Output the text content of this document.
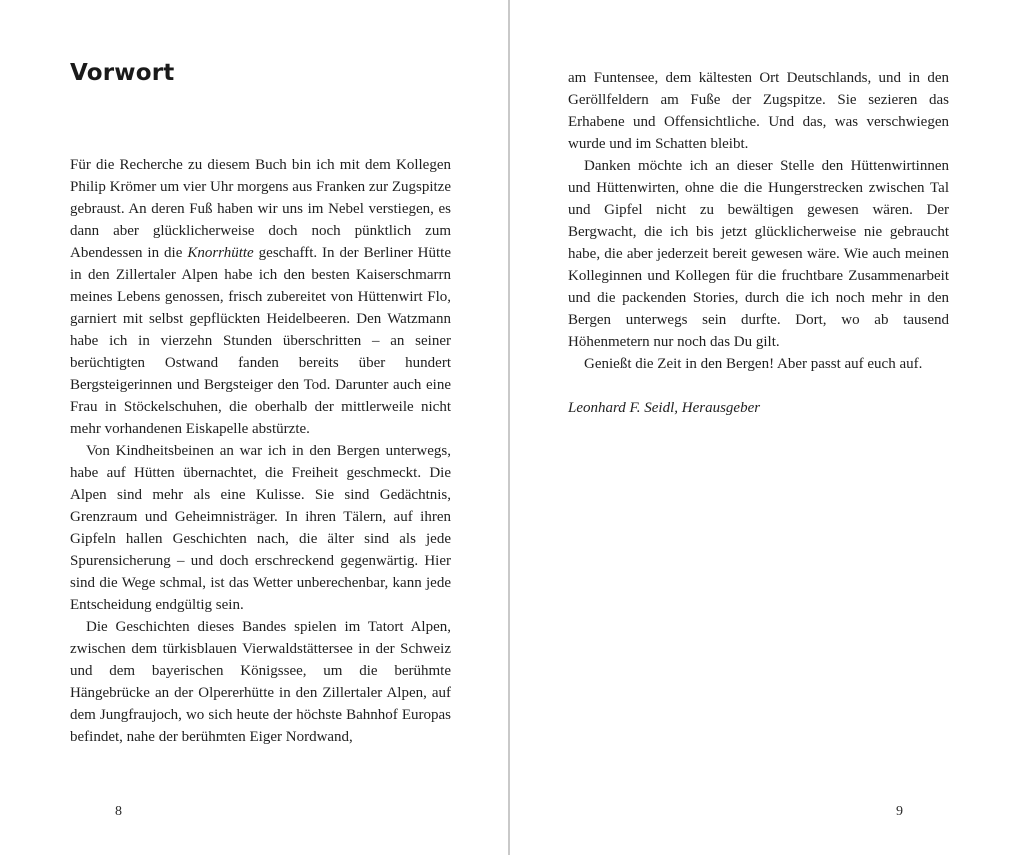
Vorwort

Für die Recherche zu diesem Buch bin ich mit dem Kollegen Philip Krömer um vier Uhr morgens aus Franken zur Zugspitze gebraust. An deren Fuß haben wir uns im Nebel verstiegen, es dann aber glücklicherweise doch noch pünktlich zum Abendessen in die Knorrhütte geschafft. In der Berliner Hütte in den Zillertaler Alpen habe ich den besten Kaiserschmarrn meines Lebens genossen, frisch zubereitet von Hüttenwirt Flo, garniert mit selbst gepflückten Heidelbeeren. Den Watzmann habe ich in vierzehn Stunden überschritten – an seiner berüchtigten Ostwand fanden bereits über hundert Bergsteigerinnen und Bergsteiger den Tod. Darunter auch eine Frau in Stöckelschuhen, die oberhalb der mittlerweile nicht mehr vorhandenen Eiskapelle abstürzte.

Von Kindheitsbeinen an war ich in den Bergen unterwegs, habe auf Hütten übernachtet, die Freiheit geschmeckt. Die Alpen sind mehr als eine Kulisse. Sie sind Gedächtnis, Grenzraum und Geheimnisträger. In ihren Tälern, auf ihren Gipfeln hallen Geschichten nach, die älter sind als jede Spurensicherung – und doch erschreckend gegenwärtig. Hier sind die Wege schmal, ist das Wetter unberechenbar, kann jede Entscheidung endgültig sein.

Die Geschichten dieses Bandes spielen im Tatort Alpen, zwischen dem türkisblauen Vierwaldstättersee in der Schweiz und dem bayerischen Königssee, um die berühmte Hängebrücke an der Olpererhütte in den Zillertaler Alpen, auf dem Jungfraujoch, wo sich heute der höchste Bahnhof Europas befindet, nahe der berühmten Eiger Nordwand,

8

am Funtensee, dem kältesten Ort Deutschlands, und in den Geröllfeldern am Fuße der Zugspitze. Sie sezieren das Erhabene und Offensichtliche. Und das, was verschwiegen wurde und im Schatten bleibt.

Danken möchte ich an dieser Stelle den Hüttenwirtinnen und Hüttenwirten, ohne die die Hungerstrecken zwischen Tal und Gipfel nicht zu bewältigen gewesen wären. Der Bergwacht, die ich bis jetzt glücklicherweise nie gebraucht habe, die aber jederzeit bereit gewesen wäre. Wie auch meinen Kolleginnen und Kollegen für die fruchtbare Zusammenarbeit und die packenden Stories, durch die ich noch mehr in den Bergen unterwegs sein durfte. Dort, wo ab tausend Höhenmetern nur noch das Du gilt.

Genießt die Zeit in den Bergen! Aber passt auf euch auf.

Leonhard F. Seidl, Herausgeber

9
